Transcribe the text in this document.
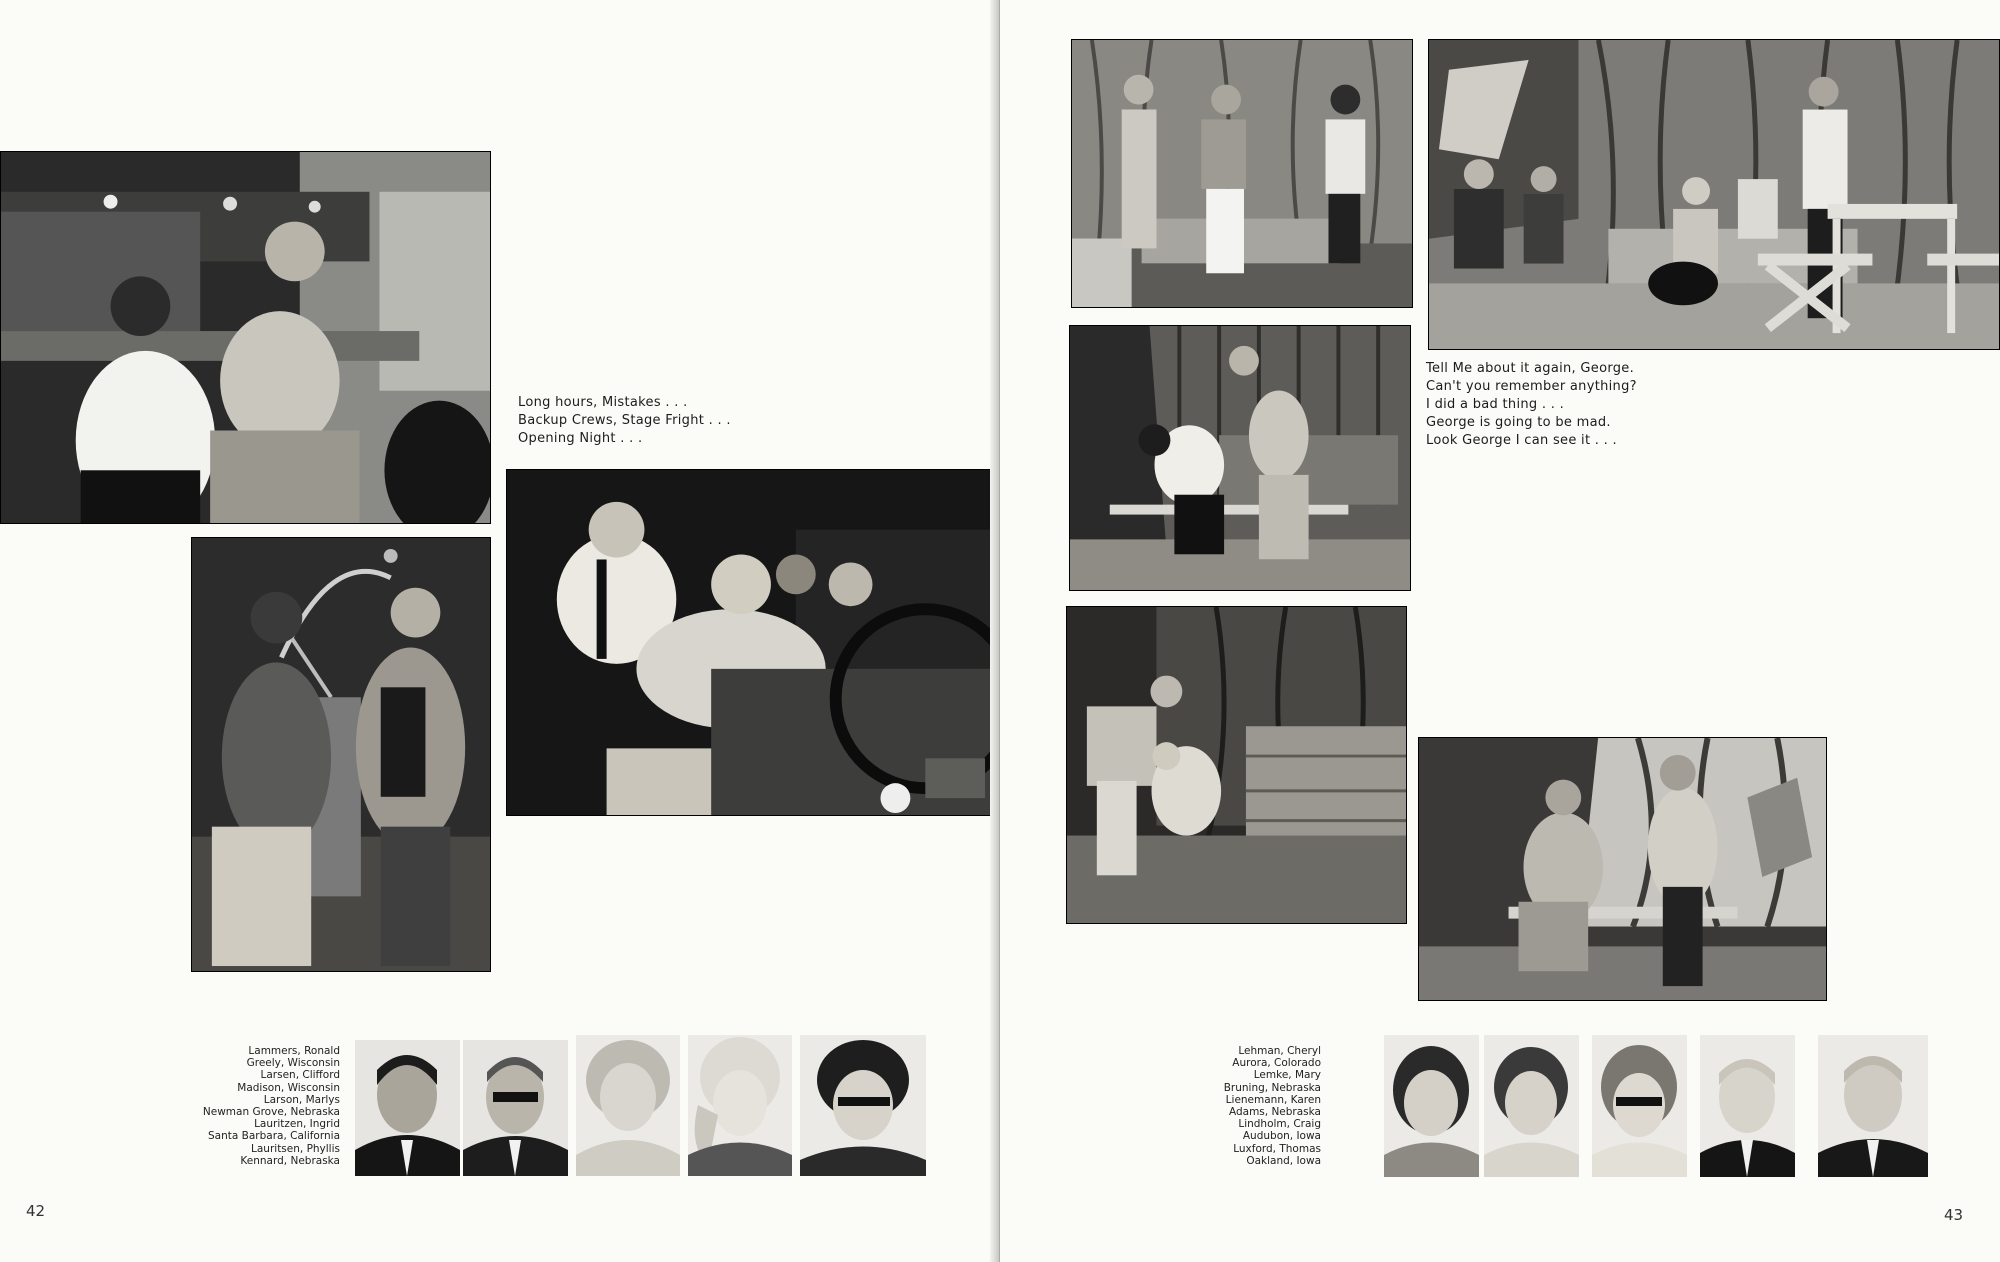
Long hours, Mistakes . . .
Backup Crews, Stage Fright . . .
Opening Night . . .
Lammers, Ronald
Greely, Wisconsin
Larsen, Clifford
Madison, Wisconsin
Larson, Marlys
Newman Grove, Nebraska
Lauritzen, Ingrid
Santa Barbara, California
Lauritsen, Phyllis
Kennard, Nebraska
42
Tell Me about it again, George.
Can't you remember anything?
I did a bad thing . . .
George is going to be mad.
Look George I can see it . . .
Lehman, Cheryl
Aurora, Colorado
Lemke, Mary
Bruning, Nebraska
Lienemann, Karen
Adams, Nebraska
Lindholm, Craig
Audubon, Iowa
Luxford, Thomas
Oakland, Iowa
43
